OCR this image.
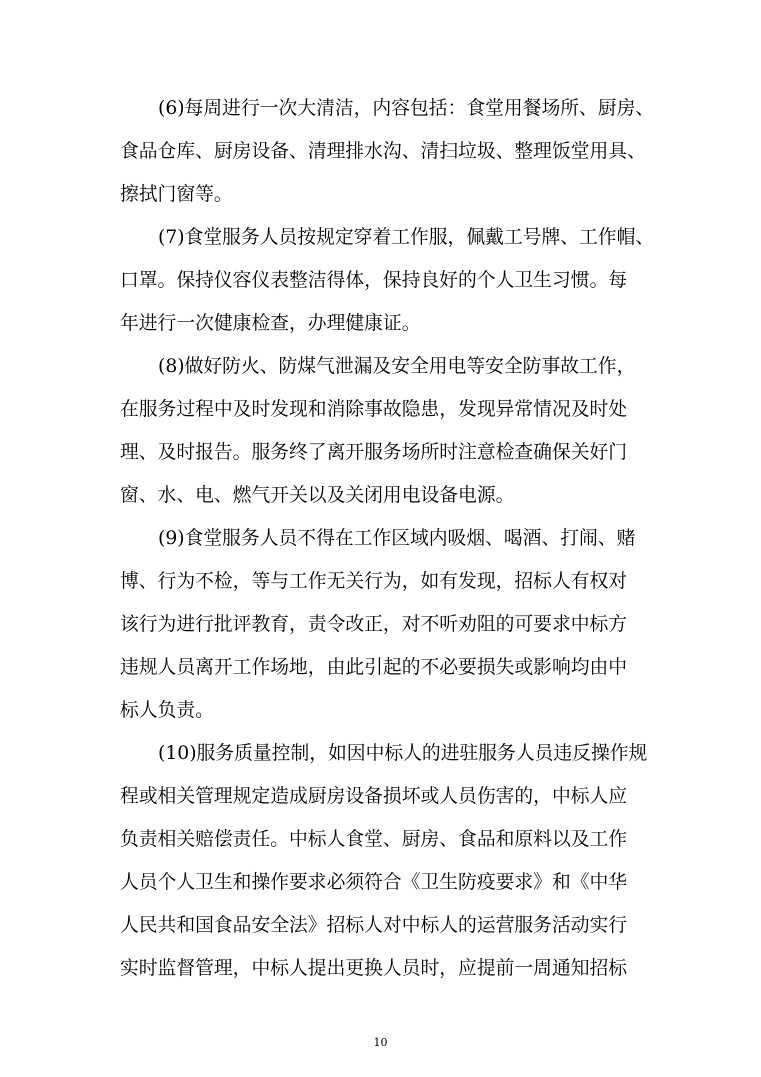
(6)每周进行一次大清洁，内容包括：食堂用餐场所、厨房、
食品仓库、厨房设备、清理排水沟、清扫垃圾、整理饭堂用具、
擦拭门窗等。
(7)食堂服务人员按规定穿着工作服，佩戴工号牌、工作帽、
口罩。保持仪容仪表整洁得体，保持良好的个人卫生习惯。每
年进行一次健康检查，办理健康证。
(8)做好防火、防煤气泄漏及安全用电等安全防事故工作，
在服务过程中及时发现和消除事故隐患，发现异常情况及时处
理、及时报告。服务终了离开服务场所时注意检查确保关好门
窗、水、电、燃气开关以及关闭用电设备电源。
(9)食堂服务人员不得在工作区域内吸烟、喝酒、打闹、赌
博、行为不检，等与工作无关行为，如有发现，招标人有权对
该行为进行批评教育，责令改正，对不听劝阻的可要求中标方
违规人员离开工作场地，由此引起的不必要损失或影响均由中
标人负责。
(10)服务质量控制，如因中标人的进驻服务人员违反操作规
程或相关管理规定造成厨房设备损坏或人员伤害的，中标人应
负责相关赔偿责任。中标人食堂、厨房、食品和原料以及工作
人员个人卫生和操作要求必须符合《卫生防疫要求》和《中华
人民共和国食品安全法》招标人对中标人的运营服务活动实行
实时监督管理，中标人提出更换人员时，应提前一周通知招标
10
